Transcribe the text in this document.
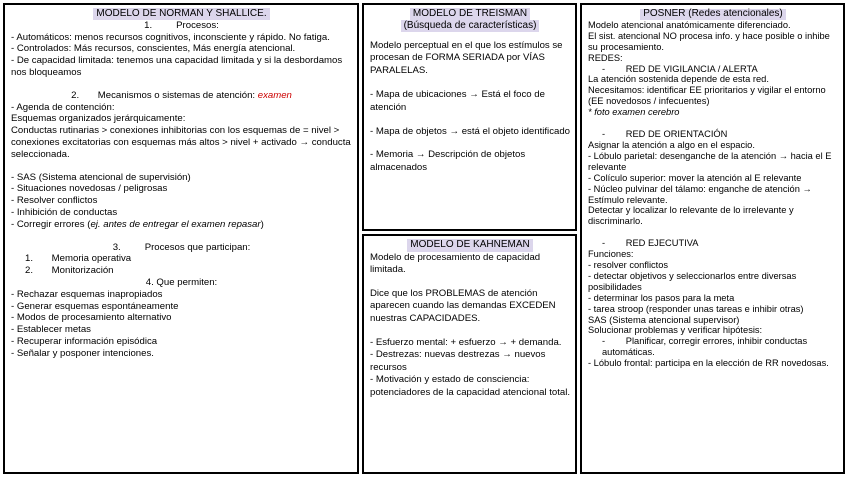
MODELO DE NORMAN Y SHALLICE.
1.         Procesos:
- Automáticos: menos recursos cognitivos, inconsciente y rápido. No fatiga.
- Controlados: Más recursos, conscientes, Más energía atencional.
- De capacidad limitada: tenemos una capacidad limitada y si la desbordamos nos bloqueamos
2.       Mecanismos o sistemas de atención: examen
- Agenda de contención:
Esquemas organizados jerárquicamente:
Conductas rutinarias > conexiones inhibitorias con los esquemas de = nivel > conexiones excitatorias con esquemas más altos > nivel + activado → conducta seleccionada.
- SAS (Sistema atencional de supervisión)
- Situaciones novedosas / peligrosas
- Resolver conflictos
- Inhibición de conductas
- Corregir errores (ej. antes de entregar el examen repasar)
3.         Procesos que participan:
1.       Memoria operativa
2.       Monitorización
4. Que permiten:
- Rechazar esquemas inapropiados
- Generar esquemas espontáneamente
- Modos de procesamiento alternativo
- Establecer metas
- Recuperar información episódica
- Señalar y posponer intenciones.
MODELO DE TREISMAN
(Búsqueda de características)
Modelo perceptual en el que los estímulos se procesan de FORMA SERIADA por VÍAS PARALELAS.
- Mapa de ubicaciones → Está el foco de atención
- Mapa de objetos → está el objeto identificado
- Memoria → Descripción de objetos almacenados
MODELO DE KAHNEMAN
Modelo de procesamiento de capacidad limitada.
Dice que los PROBLEMAS de atención aparecen cuando las demandas EXCEDEN nuestras CAPACIDADES.
- Esfuerzo mental: + esfuerzo → + demanda.
- Destrezas: nuevas destrezas → nuevos recursos
- Motivación y estado de consciencia: potenciadores de la capacidad atencional total.
POSNER (Redes atencionales)
Modelo atencional anatómicamente diferenciado.
El sist. atencional NO procesa info. y hace posible o inhibe su procesamiento.
REDES:
-        RED DE VIGILANCIA / ALERTA
La atención sostenida depende de esta red.
Necesitamos: identificar EE prioritarios y vigilar el entorno (EE novedosos / infecuentes)
* foto examen cerebro
-        RED DE ORIENTACIÓN
Asignar la atención a algo en el espacio.
- Lóbulo parietal: desenganche de la atención → hacia el E relevante
- Colículo superior: mover la atención al E relevante
- Núcleo pulvinar del tálamo: enganche de atención → Estímulo relevante.
Detectar y localizar lo relevante de lo irrelevante y discriminarlo.
-        RED EJECUTIVA
Funciones:
- resolver conflictos
- detectar objetivos y seleccionarlos entre diversas posibilidades
- determinar los pasos para la meta
- tarea stroop (responder unas tareas e inhibir otras)
SAS (Sistema atencional supervisor)
Solucionar problemas y verificar hipótesis:
-        Planificar, corregir errores, inhibir conductas automáticas.
- Lóbulo frontal: participa en la elección de RR novedosas.
